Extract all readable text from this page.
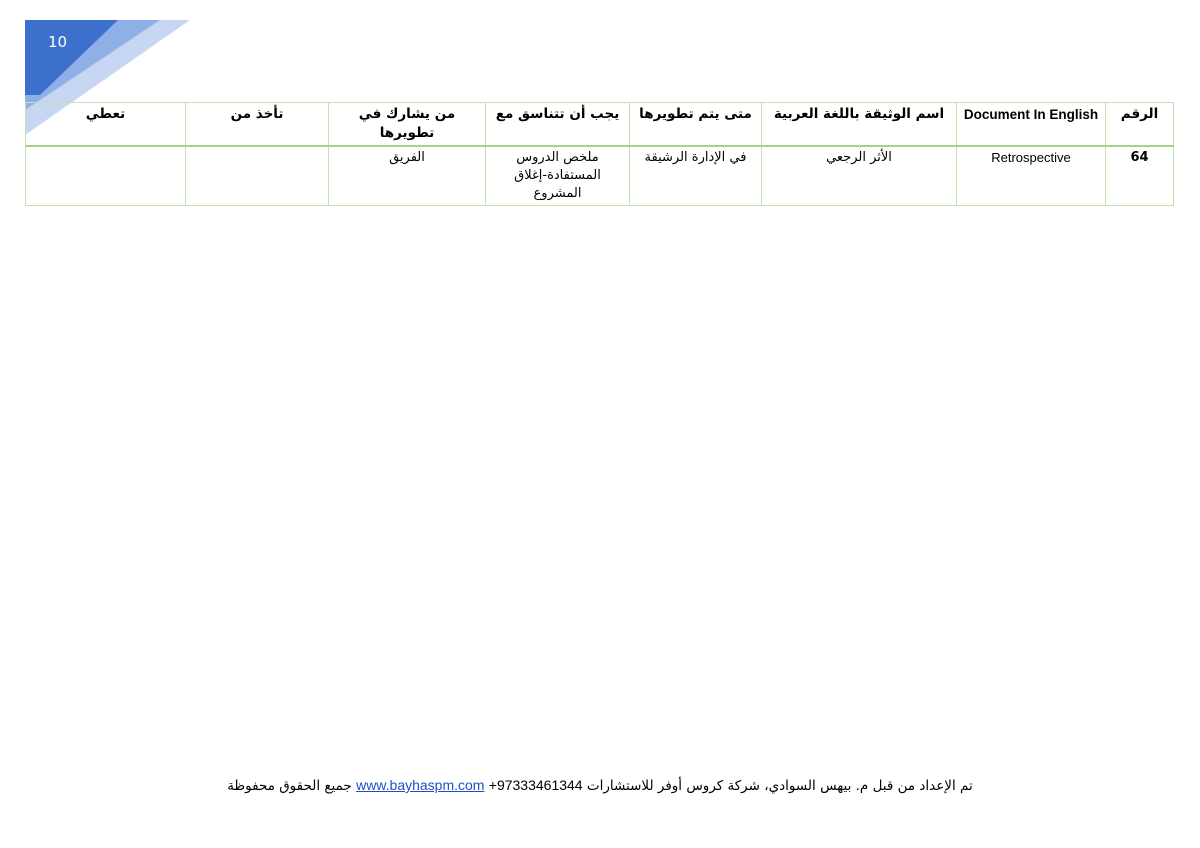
10
الرقم	Document In English	اسم الوثيقة باللغة العربية	متى يتم تطويرها	يجب أن تتناسق مع	من يشارك في تطويرها	تأخذ من	تعطي
64	Retrospective	الأثر الرجعي	في الإدارة الرشيقة	ملخص الدروس المستفادة-إغلاق المشروع	الفريق		
تم الإعداد من قبل م. بيهس السوادي، شركة كروس أوفر للاستشارات +97333461344 www.bayhaspm.com جميع الحقوق محفوظة
